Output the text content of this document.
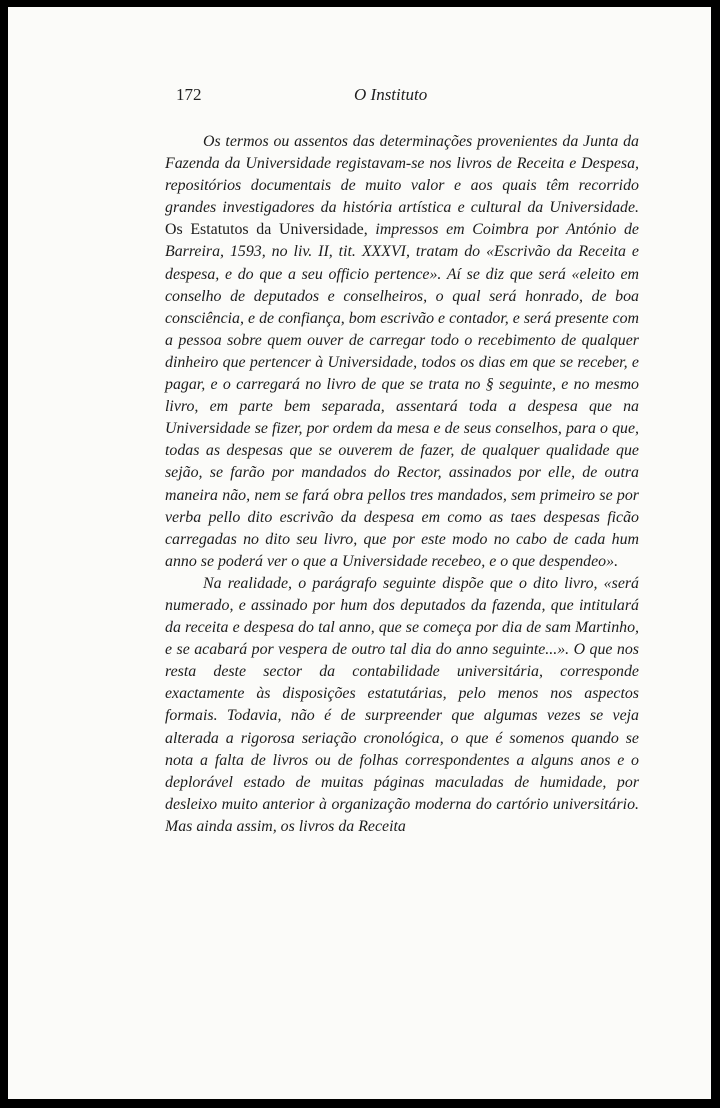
172	O Instituto

Os termos ou assentos das determinações provenientes da Junta da Fazenda da Universidade registavam-se nos livros de Receita e Despesa, repositórios documentais de muito valor e aos quais têm recorrido grandes investigadores da história artística e cultural da Universidade. Os Estatutos da Universidade, impressos em Coimbra por António de Barreira, 1593, no liv. II, tit. XXXVI, tratam do «Escrivão da Receita e despesa, e do que a seu officio pertence». Aí se diz que será «eleito em conselho de deputados e conselheiros, o qual será honrado, de boa consciência, e de confiança, bom escrivão e contador, e será presente com a pessoa sobre quem ouver de carregar todo o recebimento de qualquer dinheiro que pertencer à Universidade, todos os dias em que se receber, e pagar, e o carregará no livro de que se trata no § seguinte, e no mesmo livro, em parte bem separada, assentará toda a despesa que na Universidade se fizer, por ordem da mesa e de seus conselhos, para o que, todas as despesas que se ouverem de fazer, de qualquer qualidade que sejão, se farão por mandados do Rector, assinados por elle, de outra maneira não, nem se fará obra pellos tres mandados, sem primeiro se por verba pello dito escrivão da despesa em como as taes despesas ficão carregadas no dito seu livro, que por este modo no cabo de cada hum anno se poderá ver o que a Universidade recebeo, e o que despendeo».

Na realidade, o parágrafo seguinte dispõe que o dito livro, «será numerado, e assinado por hum dos deputados da fazenda, que intitulará da receita e despesa do tal anno, que se começa por dia de sam Martinho, e se acabará por vespera de outro tal dia do anno seguinte...». O que nos resta deste sector da contabilidade universitária, corresponde exactamente às disposições estatutárias, pelo menos nos aspectos formais. Todavia, não é de surpreender que algumas vezes se veja alterada a rigorosa seriação cronológica, o que é somenos quando se nota a falta de livros ou de folhas correspondentes a alguns anos e o deplorável estado de muitas páginas maculadas de humidade, por desleixo muito anterior à organização moderna do cartório universitário. Mas ainda assim, os livros da Receita
